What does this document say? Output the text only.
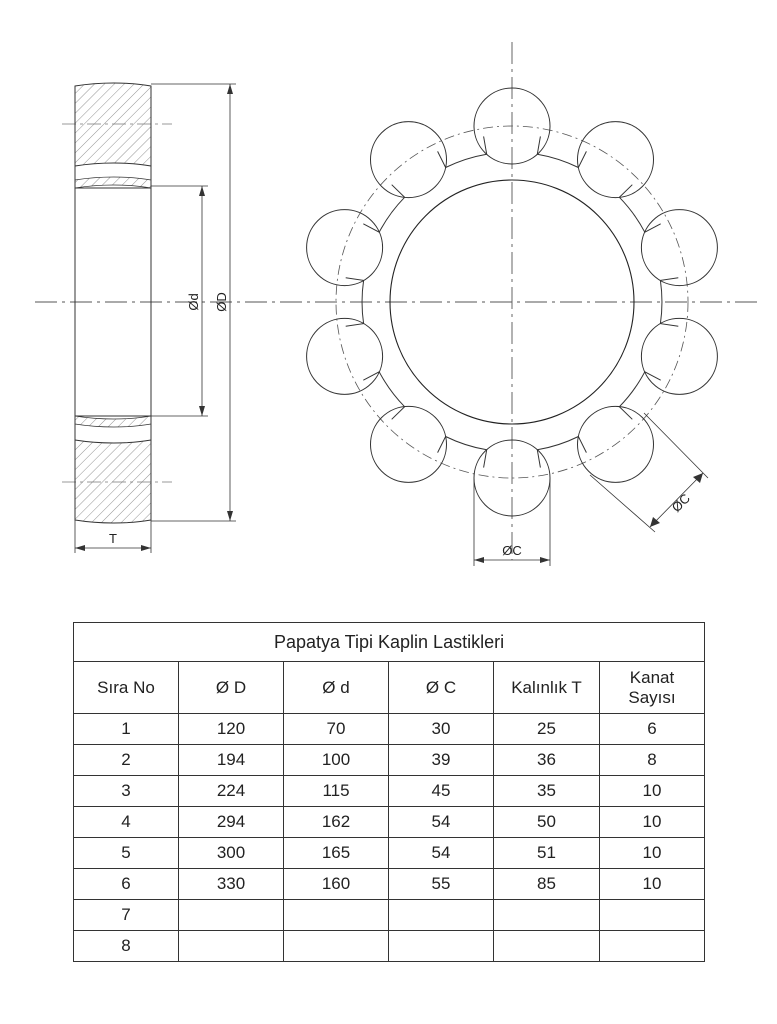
ØD
Ød
T
ØC
ØC
Papatya Tipi Kaplin Lastikleri					
Sıra No	Ø D	Ø d	Ø C	Kalınlık T	Kanat Sayısı
1	120	70	30	25	6
2	194	100	39	36	8
3	224	115	45	35	10
4	294	162	54	50	10
5	300	165	54	51	10
6	330	160	55	85	10
7					
8					
